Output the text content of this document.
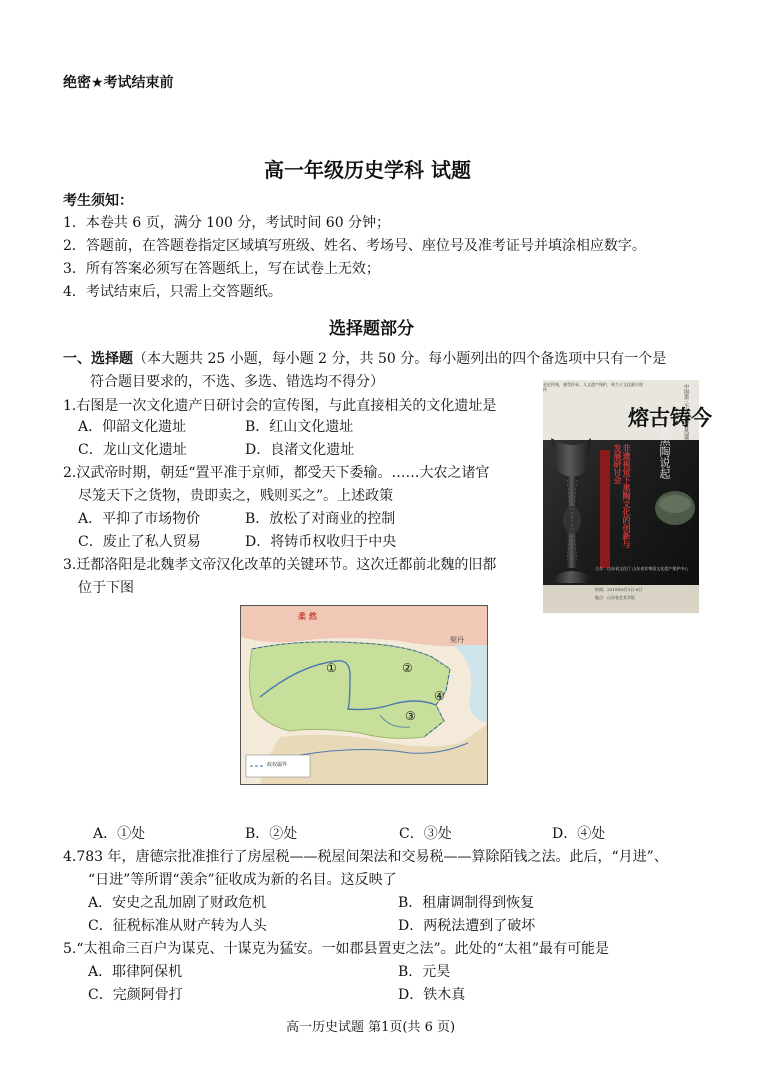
绝密★考试结束前
高一年级历史学科 试题
考生须知：
1．本卷共 6 页，满分 100 分，考试时间 60 分钟；
2．答题前，在答题卷指定区域填写班级、姓名、考场号、座位号及准考证号并填涂相应数字。
3．所有答案必须写在答题纸上，写在试卷上无效；
4．考试结束后，只需上交答题纸。
选择题部分
一、选择题（本大题共 25 小题，每小题 2 分，共 50 分。每小题列出的四个备选项中只有一个是
符合题目要求的，不选、多选、错选均不得分）
1.右图是一次文化遗产日研讨会的宣传图，与此直接相关的文化遗址是
A．仰韶文化遗址	B．红山文化遗址
C．龙山文化遗址	D．良渚文化遗址
2.汉武帝时期，朝廷“置平准于京师，都受天下委输。……大农之诸官
尽笼天下之货物，贵即卖之，贱则买之”。上述政策
A．平抑了市场物价	B．放松了对商业的控制
C．废止了私人贸易	D．将铸币权收归于中央
3.迁都洛阳是北魏孝文帝汉化改革的关键环节。这次迁都前北魏的旧都
位于下图
熔古铸今
走近传统，感受传承，人文遗产保护，致力于文化薪火相传	中国第三个文化和自然遗产日系列活动
从黑陶说起
非遗视觉下黑陶文化的创新与发展研讨会
主办：山东省文化厅 山东省非物质文化遗产保护中心
时间：2019年6月3日-8日
地点：山东省艺术学院
柔 然
契丹
①	②
③
④
政权疆界
A．①处	B．②处	C．③处	D．④处
4.783 年，唐德宗批准推行了房屋税——税屋间架法和交易税——算除陌钱之法。此后，“月进”、
“日进”等所谓“羡余”征收成为新的名目。这反映了
A．安史之乱加剧了财政危机	B．租庸调制得到恢复
C．征税标准从财产转为人头	D．两税法遭到了破坏
5.“太祖命三百户为谋克、十谋克为猛安。一如郡县置吏之法”。此处的“太祖”最有可能是
A．耶律阿保机	B．元昊
C．完颜阿骨打	D．铁木真
高一历史试题 第1页(共 6 页)
